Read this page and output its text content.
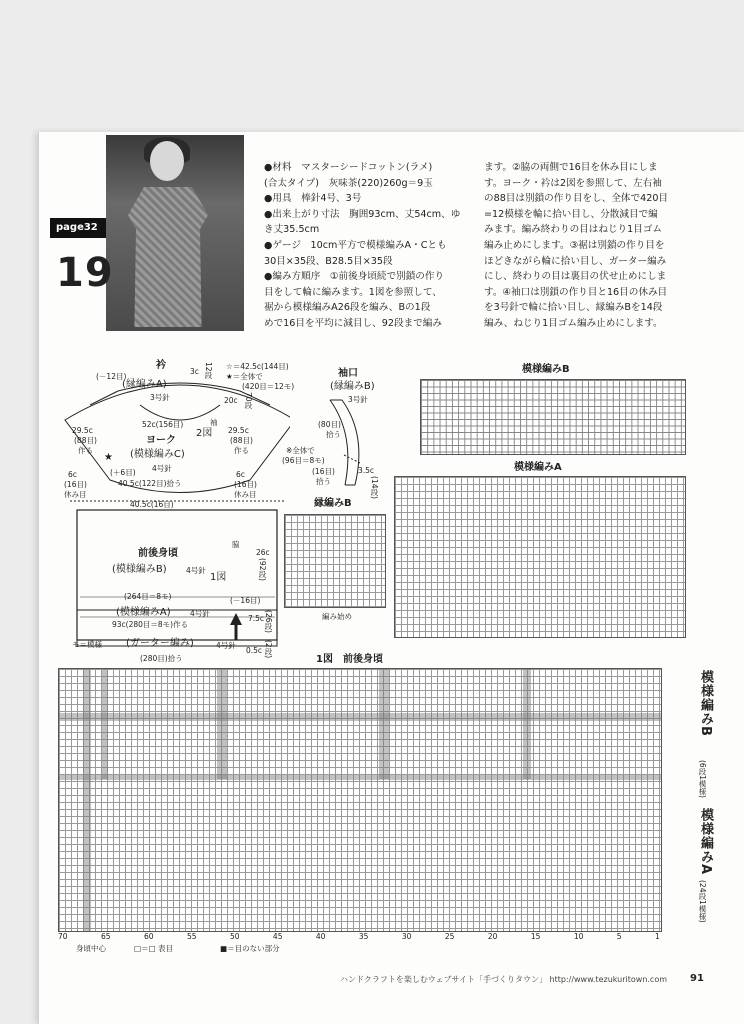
page32
19
●材料　マスターシードコットン(ラメ)
(合太タイプ)　灰味茶(220)260g＝9玉
●用具　棒針4号、3号
●出来上がり寸法　胸囲93cm、丈54cm、ゆ
き丈35.5cm
●ゲージ　10cm平方で模様編みA・Cとも
30目×35段、B28.5目×35段
●編み方順序　①前後身頃続で別鎖の作り
目をして輪に編みます。1図を参照して、
裾から模様編みA26段を編み、Bの1段
めで16目を平均に減目し、92段まで編み
ます。②脇の両側で16目を休み目にしま
す。ヨーク・衿は2図を参照して、左右袖
の88目は別鎖の作り目をし、全体で420目
=12模様を輪に拾い目し、分散減目で編
みます。編み終わりの目はねじり1目ゴム
編み止めにします。③裾は別鎖の作り目を
ほどきながら輪に拾い目し、ガーター編み
にし、終わりの目は裏目の伏せ止めにしま
す。④袖口は別鎖の作り目と16目の休み目
を3号針で輪に拾い目し、縁編みBを14段
編み、ねじり1目ゴム編み止めにします。
衿
(－12目)
(縁編みA)
3号針
☆＝42.5c(144目)
★＝全体で
(420目＝12モ)
3c 12段
20c 70段
52c(156目)
ヨーク
2図
(模様編みC)
4号針
29.5c
(88目)
作る
29.5c
(88目)
作る
(＋6目)
40.5c(122目)拾う
袖
★
6c
(16目)
休み目
6c
(16目)
休み目
40.5c(16目)
前後身頃
(模様編みB)	4号針
1図
26c
(92段)
脇
(－16目)
(264目＝8モ)
(模様編みA)	4号針
93c(280目＝8モ)作る
7.5c (26段)
モ＝模様 (ガーター編み)	4号針
(280目)拾う
0.5c (2段)
袖口
(縁編みB)
3号針
(80目)
拾う
※全体で
(96目＝8モ)
(16目)
拾う
3.5c
(14段)
縁編みB
編み始め
模様編みB
模様編みA
1図　前後身頃
70	65	60	55	50	45	40	35	30	25	20	15	10	5	1
身頃中心	□＝□ 表目	■＝目のない部分
模様編みB
(6段1模様)
模様編みA
(24段1模様)
ハンドクラフトを楽しむウェブサイト「手づくりタウン」 http://www.tezukuritown.com 91
